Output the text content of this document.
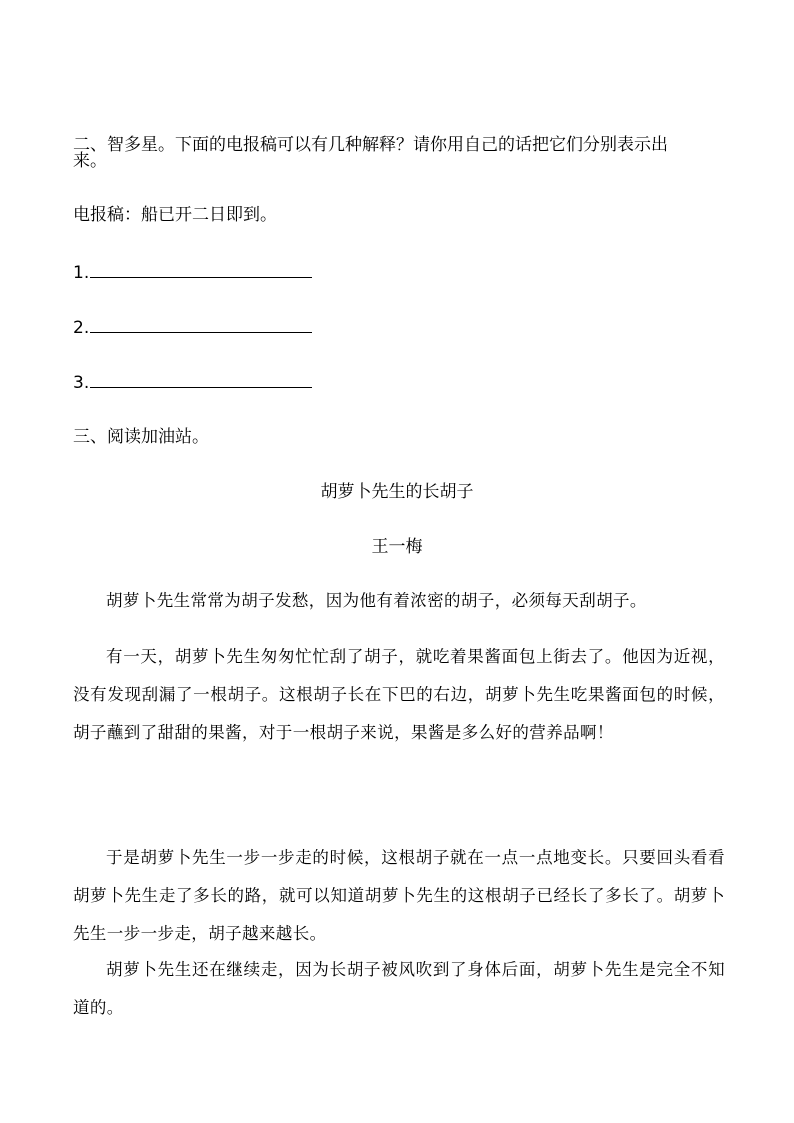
二、智多星。下面的电报稿可以有几种解释？请你用自己的话把它们分别表示出
来。
电报稿：船已开二日即到。
1.
2.
3.
三、阅读加油站。
胡萝卜先生的长胡子
王一梅
胡萝卜先生常常为胡子发愁，因为他有着浓密的胡子，必须每天刮胡子。
有一天，胡萝卜先生匆匆忙忙刮了胡子，就吃着果酱面包上街去了。他因为近视，没有发现刮漏了一根胡子。这根胡子长在下巴的右边，胡萝卜先生吃果酱面包的时候，胡子蘸到了甜甜的果酱，对于一根胡子来说，果酱是多么好的营养品啊！
于是胡萝卜先生一步一步走的时候，这根胡子就在一点一点地变长。只要回头看看胡萝卜先生走了多长的路，就可以知道胡萝卜先生的这根胡子已经长了多长了。胡萝卜先生一步一步走，胡子越来越长。
胡萝卜先生还在继续走，因为长胡子被风吹到了身体后面，胡萝卜先生是完全不知道的。
